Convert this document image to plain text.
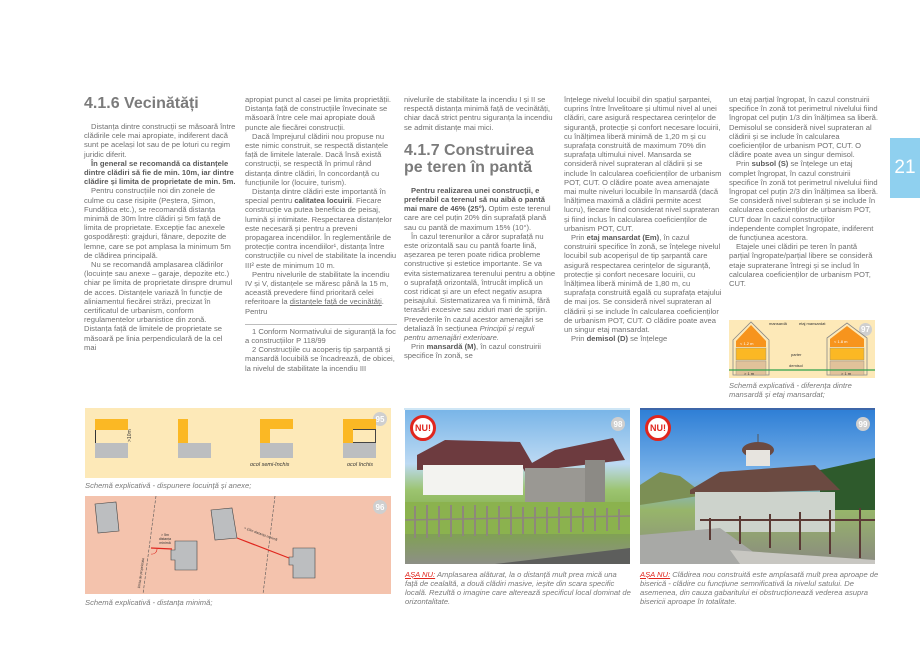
4.1.6 Vecinătăți

Distanța dintre construcții se măsoară între clădirile cele mai apropiate, indiferent dacă sunt pe același lot sau de pe loturi cu regim juridic diferit.

În general se recomandă ca distanțele dintre clădiri să fie de min. 10m, iar dintre clădire și limita de proprietate de min. 5m.

Pentru construcțiile noi din zonele de culme cu case risipite (Peștera, Șimon, Fundățica etc.), se recomandă distanța minimă de 30m între clădiri și 5m față de limita de proprietate. Excepție fac anexele gospodărești: grajduri, fânare, depozite de lemne, care se pot amplasa la minimum 5m de clădirea principală.

Nu se recomandă amplasarea clădirilor (locuințe sau anexe – garaje, depozite etc.) chiar pe limita de proprietate dinspre drumul de acces. Distanțele variază în funcție de aliniamentul fiecărei străzi, precizat în certificatul de urbanism, conform regulamentelor urbanistice din zonă.

Distanța față de limitele de proprietate se măsoară pe linia perpendiculară de la cel mai

apropiat punct al casei pe limita proprietății. Distanța față de construcțiile învecinate se măsoară între cele mai apropiate două puncte ale fiecărei construcții.

Dacă împrejurul clădirii nou propuse nu este nimic construit, se respectă distanțele față de limitele laterale. Dacă însă există construcții, se respectă în primul rând distanța dintre clădiri, în concordanță cu funcțiunile lor (locuire, turism).

Distanța dintre clădiri este importantă în special pentru calitatea locuirii. Fiecare construcție va putea beneficia de peisaj, lumină și intimitate. Respectarea distanțelor este necesară și pentru a preveni propagarea incendiilor. În reglementările de protecție contra incendiilor¹, distanța între construcțiile cu nivel de stabilitate la incendiu III² este de minimum 10 m.

Pentru nivelurile de stabilitate la incendiu IV și V, distanțele se măresc până la 15 m, această prevedere fiind prioritară celei referitoare la distanțele față de vecinătăți. Pentru

1 Conform Normativului de siguranță la foc a construcțiilor P 118/99

2 Construcțiile cu acoperiș tip șarpantă și mansardă locuibilă se încadrează, de obicei, la nivelul de stabilitate la incendiu III

nivelurile de stabilitate la incendiu I și II se respectă distanța minimă față de vecinătăți, chiar dacă strict pentru siguranța la incendiu se admit distanțe mai mici.

4.1.7 Construirea pe teren în pantă

Pentru realizarea unei construcții, e preferabil ca terenul să nu aibă o pantă mai mare de 46% (25°). Optim este terenul care are cel puțin 20% din suprafață plană sau cu pantă de maximum 15% (10°).

În cazul terenurilor a căror suprafață nu este orizontală sau cu pantă foarte lină, așezarea pe teren poate ridica probleme constructive și estetice importante. Se va evita sistematizarea terenului pentru a obține o suprafață orizontală, întrucât implică un cost ridicat și are un efect negativ asupra peisajului. Sistematizarea va fi minimă, fără terasări excesive sau ziduri mari de sprijin. Prevederile în cazul acestor amenajări se detaliază în secțiunea Principii și reguli pentru amenajări exterioare.

Prin mansardă (M), în cazul construirii specifice în zonă, se

înțelege nivelul locuibil din spațiul șarpantei, cuprins între învelitoare și ultimul nivel al unei clădiri, care asigură respectarea cerințelor de siguranță, protecție și confort necesare locuirii, cu înălțimea liberă minimă de 1,20 m și cu suprafața construită de maximum 70% din suprafața ultimului nivel. Mansarda se consideră nivel suprateran al clădirii și se include în calcularea coeficienților de urbanism POT, CUT. O clădire poate avea amenajate mai multe niveluri locuibile în mansardă (dacă înălțimea maximă a clădirii permite acest lucru), fiecare fiind considerat nivel suprateran și fiind inclus în calcularea coeficienților de urbanism POT, CUT.

Prin etaj mansardat (Em), în cazul construirii specifice în zonă, se înțelege nivelul locuibil sub acoperișul de tip șarpantă care asigură respectarea cerințelor de siguranță, protecție și confort necesare locuirii, cu înălțimea liberă minimă de 1,80 m, cu suprafața construită egală cu suprafața etajului de mai jos. Se consideră nivel suprateran al clădirii și se include în calcularea coeficienților de urbanism POT, CUT. O clădire poate avea un singur etaj mansardat.

Prin demisol (D) se înțelege

un etaj parțial îngropat, în cazul construirii specifice în zonă tot perimetrul nivelului fiind îngropat cel puțin 1/3 din înălțimea sa liberă. Demisolul se consideră nivel suprateran al clădirii și se include în calcularea coeficienților de urbanism POT, CUT. O clădire poate avea un singur demisol.

Prin subsol (S) se înțelege un etaj complet îngropat, în cazul construirii specifice în zonă tot perimetrul nivelului fiind îngropat cel puțin 2/3 din înălțimea sa liberă. Se consideră nivel subteran și se include în calcularea coeficienților de urbanism POT, CUT doar în cazul construcțiilor independente complet îngropate, indiferent de funcțiunea acestora.

Etajele unei clădiri pe teren în pantă parțial îngropate/parțial libere se consideră etaje supraterane întregi și se includ în calcularea coeficienților de urbanism POT, CUT.

21
95
>10m
ocol semi-închis	ocol închis
Schemă explicativă - dispunere locuință și anexe;
96
> 5m distanța minimă
> 10m distanța minimă
limita de proprietate
Schemă explicativă - distanța minimă;
97
mansardă	etaj mansardat
< 1.2 m	< 1.8 m
parter
demisol
> 1 m	> 1 m
Schemă explicativă - diferența dintre mansardă și etaj mansardat;
NU!	98
AȘA NU: Amplasarea alăturat, la o distanță mult prea mică una față de cealaltă, a două clădiri masive, ieșite din scara specific locală. Rezultă o imagine care alterează specificul local dominat de orizontalitate.
NU!	99
AȘA NU: Clădirea nou construită este amplasată mult prea aproape de biserică - clădire cu funcțiune semnificativă la nivelul satului. De asemenea, din cauza gabaritului ei obstrucționează vederea asupra bisericii aproape în totalitate.
